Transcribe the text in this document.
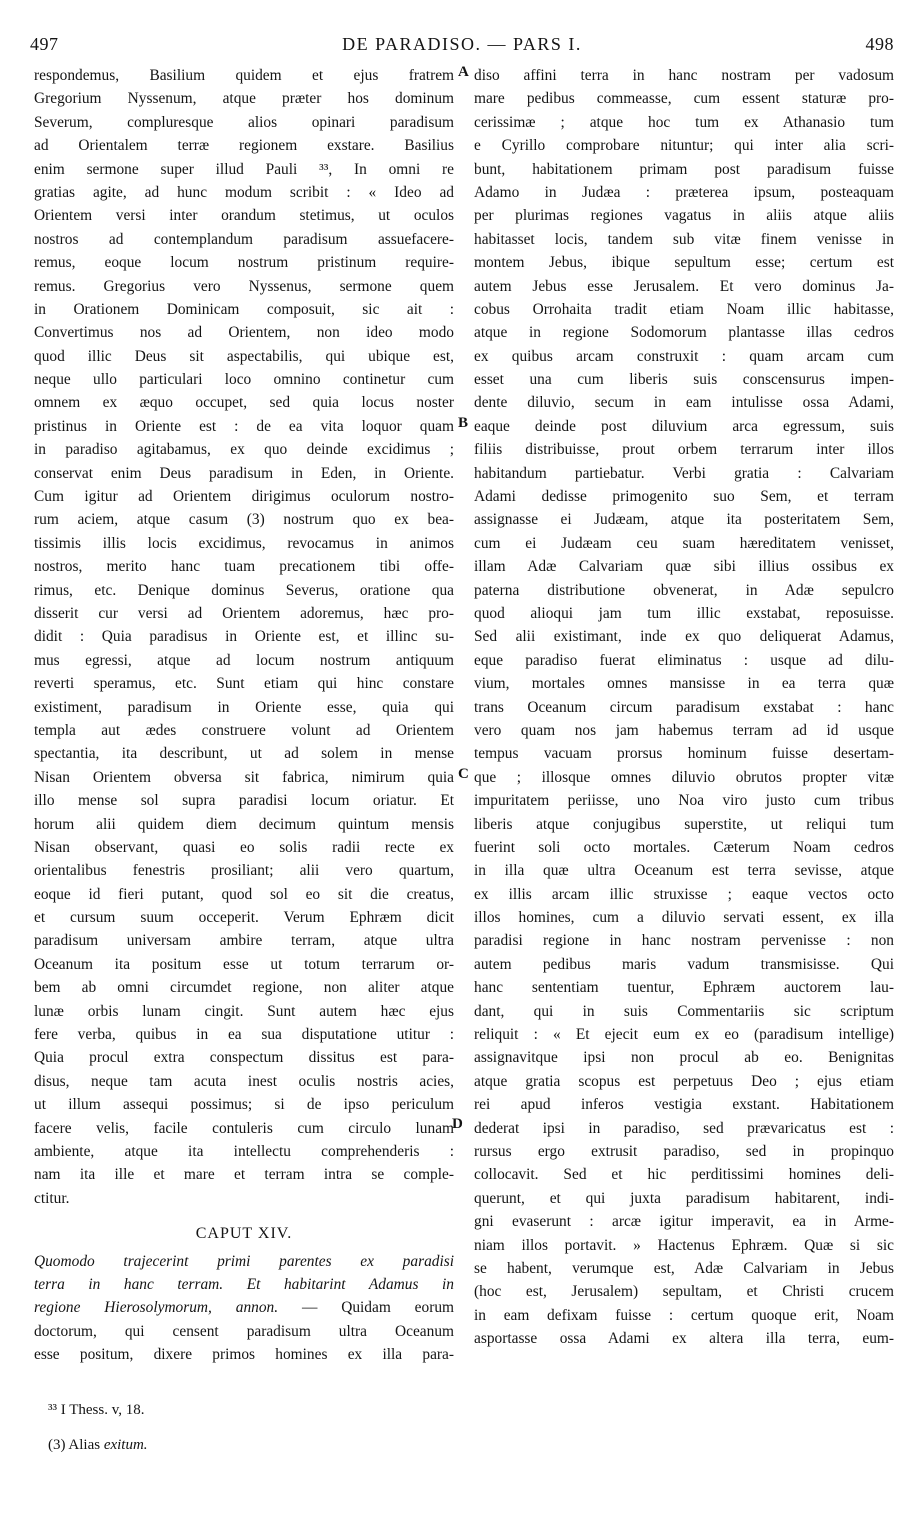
497	DE PARADISO. — PARS I.	498
A
B
C
D
respondemus, Basilium quidem et ejus fratrem
Gregorium Nyssenum, atque præter hos dominum
Severum, compluresque alios opinari paradisum
ad Orientalem terræ regionem exstare. Basilius
enim sermone super illud Pauli ³³, In omni re
gratias agite, ad hunc modum scribit : « Ideo ad
Orientem versi inter orandum stetimus, ut oculos
nostros ad contemplandum paradisum assuefacere-
remus, eoque locum nostrum pristinum require-
remus. Gregorius vero Nyssenus, sermone quem
in Orationem Dominicam composuit, sic ait :
Convertimus nos ad Orientem, non ideo modo
quod illic Deus sit aspectabilis, qui ubique est,
neque ullo particulari loco omnino continetur cum
omnem ex æquo occupet, sed quia locus noster
pristinus in Oriente est : de ea vita loquor quam
in paradiso agitabamus, ex quo deinde excidimus ;
conservat enim Deus paradisum in Eden, in Oriente.
Cum igitur ad Orientem dirigimus oculorum nostro-
rum aciem, atque casum (3) nostrum quo ex bea-
tissimis illis locis excidimus, revocamus in animos
nostros, merito hanc tuam precationem tibi offe-
rimus, etc. Denique dominus Severus, oratione qua
disserit cur versi ad Orientem adoremus, hæc pro-
didit : Quia paradisus in Oriente est, et illinc su-
mus egressi, atque ad locum nostrum antiquum
reverti speramus, etc. Sunt etiam qui hinc constare
existiment, paradisum in Oriente esse, quia qui
templa aut ædes construere volunt ad Orientem
spectantia, ita describunt, ut ad solem in mense
Nisan Orientem obversa sit fabrica, nimirum quia
illo mense sol supra paradisi locum oriatur. Et
horum alii quidem diem decimum quintum mensis
Nisan observant, quasi eo solis radii recte ex
orientalibus fenestris prosiliant; alii vero quartum,
eoque id fieri putant, quod sol eo sit die creatus,
et cursum suum occeperit. Verum Ephræm dicit
paradisum universam ambire terram, atque ultra
Oceanum ita positum esse ut totum terrarum or-
bem ab omni circumdet regione, non aliter atque
lunæ orbis lunam cingit. Sunt autem hæc ejus
fere verba, quibus in ea sua disputatione utitur :
Quia procul extra conspectum dissitus est para-
disus, neque tam acuta inest oculis nostris acies,
ut illum assequi possimus; si de ipso periculum
facere velis, facile contuleris cum circulo lunam
ambiente, atque ita intellectu comprehenderis :
nam ita ille et mare et terram intra se comple-
ctitur.
CAPUT XIV.
Quomodo trajecerint primi parentes ex paradisi
terra in hanc terram. Et habitarint Adamus in
regione Hierosolymorum, annon. — Quidam eorum
doctorum, qui censent paradisum ultra Oceanum
esse positum, dixere primos homines ex illa para-
diso affini terra in hanc nostram per vadosum
mare pedibus commeasse, cum essent staturæ pro-
cerissimæ ; atque hoc tum ex Athanasio tum
e Cyrillo comprobare nituntur; qui inter alia scri-
bunt, habitationem primam post paradisum fuisse
Adamo in Judæa : præterea ipsum, posteaquam
per plurimas regiones vagatus in aliis atque aliis
habitasset locis, tandem sub vitæ finem venisse in
montem Jebus, ibique sepultum esse; certum est
autem Jebus esse Jerusalem. Et vero dominus Ja-
cobus Orrohaita tradit etiam Noam illic habitasse,
atque in regione Sodomorum plantasse illas cedros
ex quibus arcam construxit : quam arcam cum
esset una cum liberis suis conscensurus impen-
dente diluvio, secum in eam intulisse ossa Adami,
eaque deinde post diluvium arca egressum, suis
filiis distribuisse, prout orbem terrarum inter illos
habitandum partiebatur. Verbi gratia : Calvariam
Adami dedisse primogenito suo Sem, et terram
assignasse ei Judæam, atque ita posteritatem Sem,
cum ei Judæam ceu suam hæreditatem venisset,
illam Adæ Calvariam quæ sibi illius ossibus ex
paterna distributione obvenerat, in Adæ sepulcro
quod alioqui jam tum illic exstabat, reposuisse.
Sed alii existimant, inde ex quo deliquerat Adamus,
eque paradiso fuerat eliminatus : usque ad dilu-
vium, mortales omnes mansisse in ea terra quæ
trans Oceanum circum paradisum exstabat : hanc
vero quam nos jam habemus terram ad id usque
tempus vacuam prorsus hominum fuisse desertam-
que ; illosque omnes diluvio obrutos propter vitæ
impuritatem periisse, uno Noa viro justo cum tribus
liberis atque conjugibus superstite, ut reliqui tum
fuerint soli octo mortales. Cæterum Noam cedros
in illa quæ ultra Oceanum est terra sevisse, atque
ex illis arcam illic struxisse ; eaque vectos octo
illos homines, cum a diluvio servati essent, ex illa
paradisi regione in hanc nostram pervenisse : non
autem pedibus maris vadum transmisisse. Qui
hanc sententiam tuentur, Ephræm auctorem lau-
dant, qui in suis Commentariis sic scriptum
reliquit : « Et ejecit eum ex eo (paradisum intellige)
assignavitque ipsi non procul ab eo. Benignitas
atque gratia scopus est perpetuus Deo ; ejus etiam
rei apud inferos vestigia exstant. Habitationem
dederat ipsi in paradiso, sed prævaricatus est :
rursus ergo extrusit paradiso, sed in propinquo
collocavit. Sed et hic perditissimi homines deli-
querunt, et qui juxta paradisum habitarent, indi-
gni evaserunt : arcæ igitur imperavit, ea in Arme-
niam illos portavit. » Hactenus Ephræm. Quæ si sic
se habent, verumque est, Adæ Calvariam in Jebus
(hoc est, Jerusalem) sepultam, et Christi crucem
in eam defixam fuisse : certum quoque erit, Noam
asportasse ossa Adami ex altera illa terra, eum-
³³ I Thess. v, 18.
(3) Alias exitum.
